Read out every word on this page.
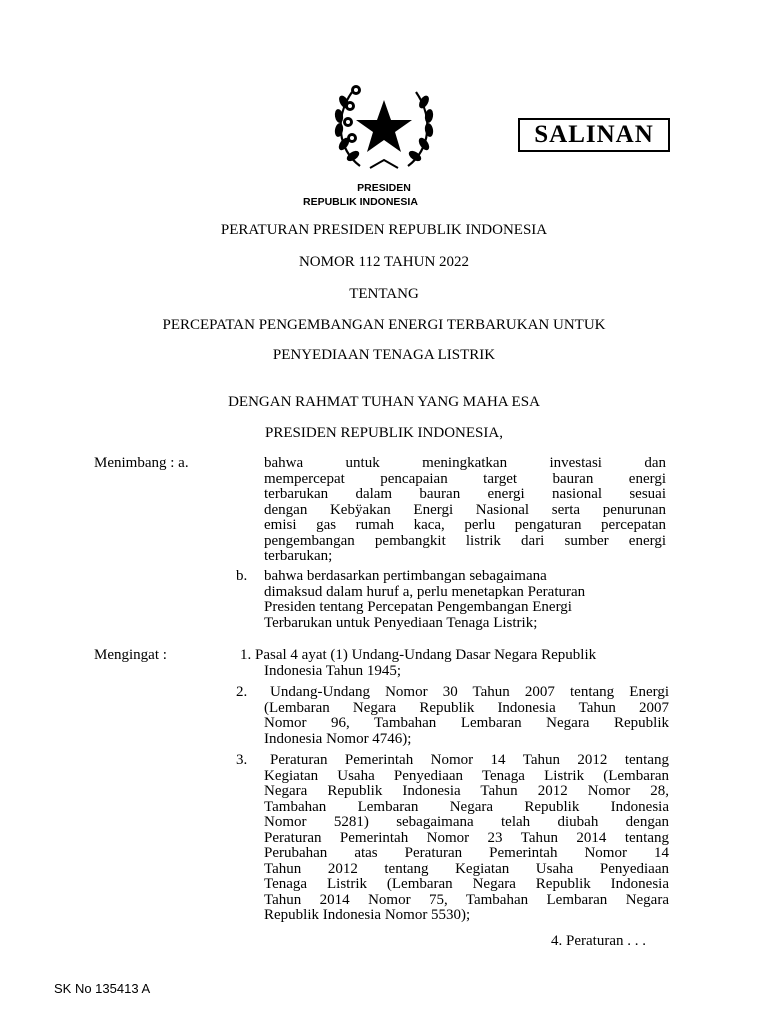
SALINAN
PRESIDEN
REPUBLIK INDONESIA
PERATURAN PRESIDEN REPUBLIK INDONESIA
NOMOR 112 TAHUN 2022
TENTANG
PERCEPATAN PENGEMBANGAN ENERGI TERBARUKAN UNTUK
PENYEDIAAN TENAGA LISTRIK
DENGAN RAHMAT TUHAN YANG MAHA ESA
PRESIDEN REPUBLIK INDONESIA,
Menimbang : a.	bahwa untuk meningkatkan investasi dan

mempercepat pencapaian target bauran energi

terbarukan dalam bauran energi nasional sesuai

dengan Kebÿakan Energi Nasional serta penurunan

emisi gas rumah kaca, perlu pengaturan percepatan

pengembangan pembangkit listrik dari sumber energi

terbarukan;

b. bahwa berdasarkan pertimbangan sebagaimana

dimaksud dalam huruf a, perlu menetapkan Peraturan

Presiden tentang Percepatan Pengembangan Energi

Terbarukan untuk Penyediaan Tenaga Listrik;

Mengingat :	1. Pasal 4 ayat (1) Undang-Undang Dasar Negara Republik

Indonesia Tahun 1945;

2.	Undang-Undang Nomor 30 Tahun 2007 tentang Energi

(Lembaran Negara Republik Indonesia Tahun 2007

Nomor 96, Tambahan Lembaran Negara Republik

Indonesia Nomor 4746);

3.	Peraturan Pemerintah Nomor 14 Tahun 2012 tentang

Kegiatan Usaha Penyediaan Tenaga Listrik (Lembaran

Negara Republik Indonesia Tahun 2012 Nomor 28,

Tambahan Lembaran Negara Republik Indonesia

Nomor 5281) sebagaimana telah diubah dengan

Peraturan Pemerintah Nomor 23 Tahun 2014 tentang

Perubahan atas Peraturan Pemerintah Nomor 14

Tahun 2012 tentang Kegiatan Usaha Penyediaan

Tenaga Listrik (Lembaran Negara Republik Indonesia

Tahun 2014 Nomor 75, Tambahan Lembaran Negara

Republik Indonesia Nomor 5530);

4. Peraturan . . .
SK No 135413 A
